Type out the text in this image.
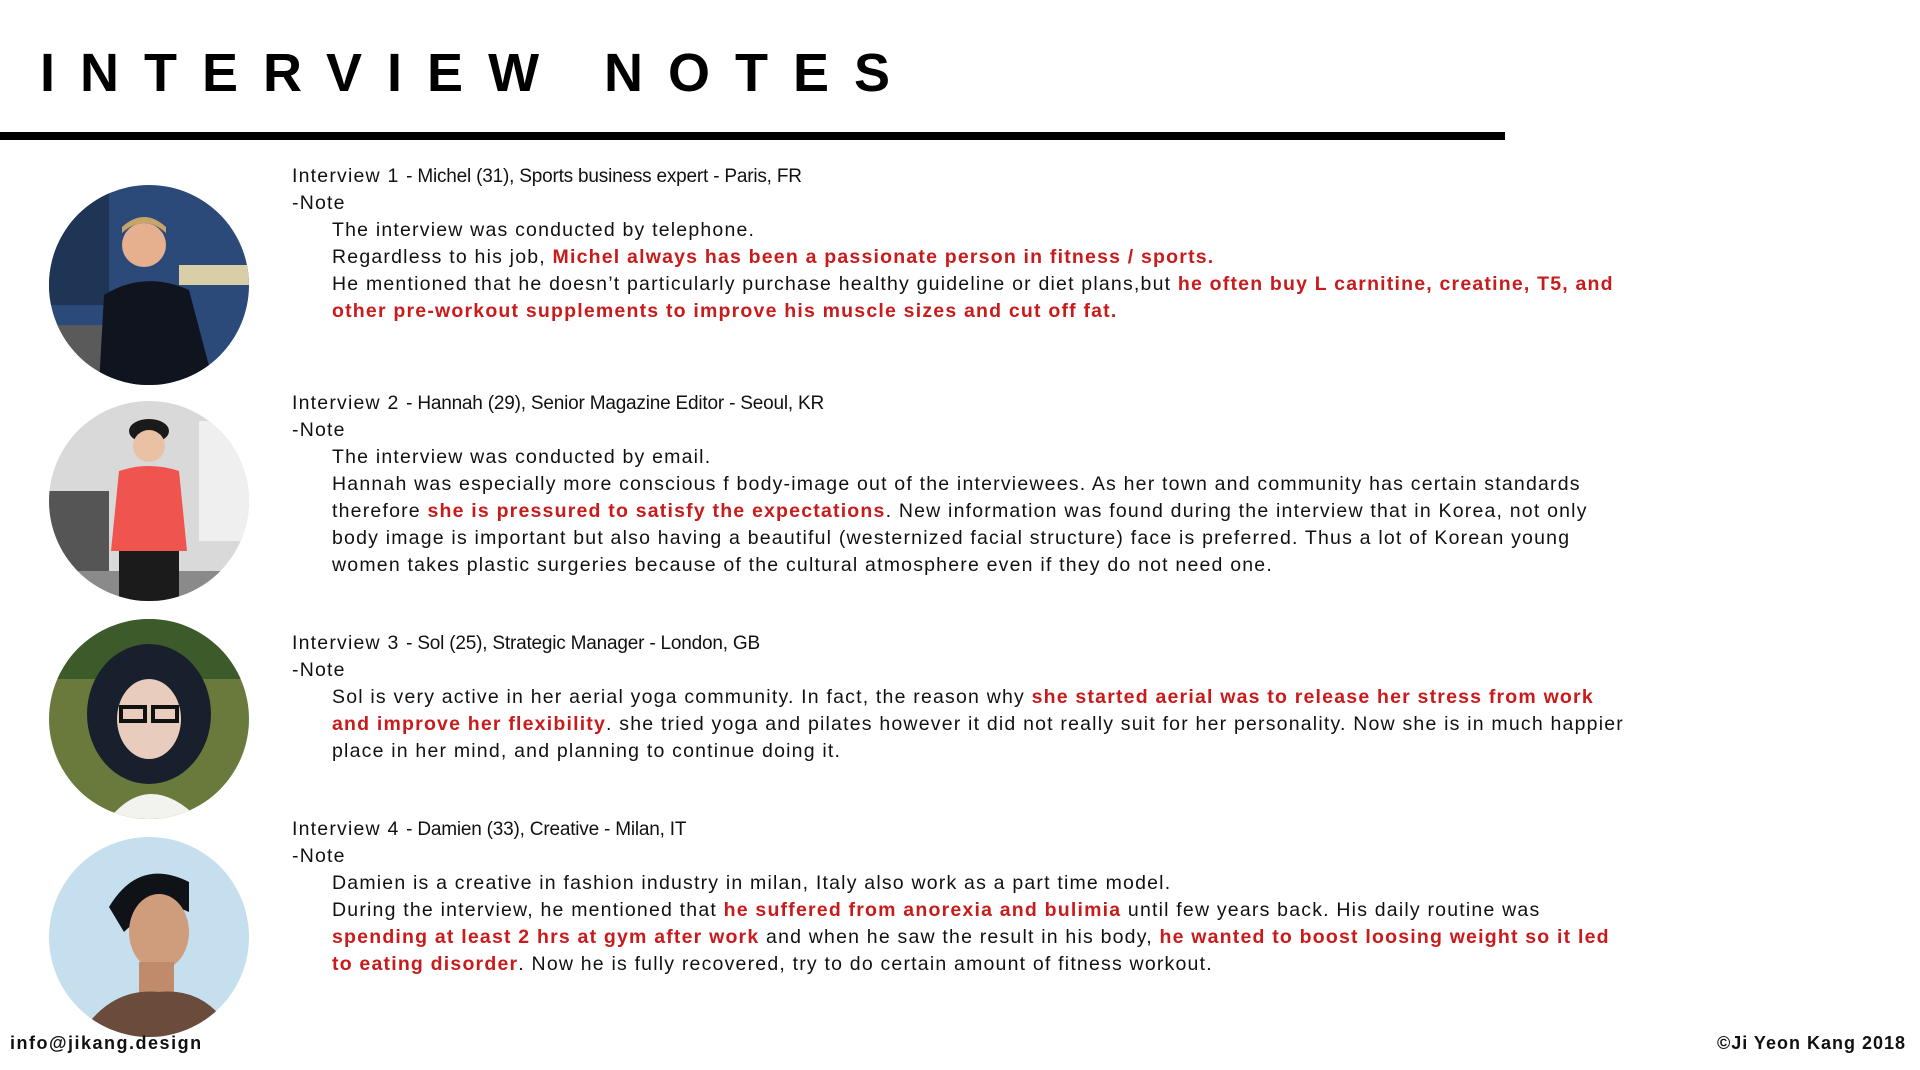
INTERVIEW NOTES

Interview 1 - Michel (31), Sports business expert - Paris, FR

-Note

The interview was conducted by telephone.

Regardless to his job, Michel always has been a passionate person in fitness / sports.

He mentioned that he doesn’t particularly purchase healthy guideline or diet plans,but he often buy L carnitine, creatine, T5, and other pre-workout supplements to improve his muscle sizes and cut off fat.

Interview 2 - Hannah (29), Senior Magazine Editor - Seoul, KR

-Note

The interview was conducted by email.

Hannah was especially more conscious f body-image out of the interviewees. As her town and community has certain standards therefore she is pressured to satisfy the expectations. New information was found during the interview that in Korea, not only body image is important but also having a beautiful (westernized facial structure) face is preferred. Thus a lot of Korean young women takes plastic surgeries because of the cultural atmosphere even if they do not need one.

Interview 3 - Sol (25), Strategic Manager - London, GB

-Note

Sol is very active in her aerial yoga community. In fact, the reason why she started aerial was to release her stress from work and improve her flexibility. she tried yoga and pilates however it did not really suit for her personality. Now she is in much happier place in her mind, and planning to continue doing it.

Interview 4 - Damien (33), Creative - Milan, IT

-Note

Damien is a creative in fashion industry in milan, Italy also work as a part time model.

During the interview, he mentioned that he suffered from anorexia and bulimia until few years back. His daily routine was spending at least 2 hrs at gym after work and when he saw the result in his body, he wanted to boost loosing weight so it led to eating disorder. Now he is fully recovered, try to do certain amount of fitness workout.

info@jikang.design	©Ji Yeon Kang 2018
